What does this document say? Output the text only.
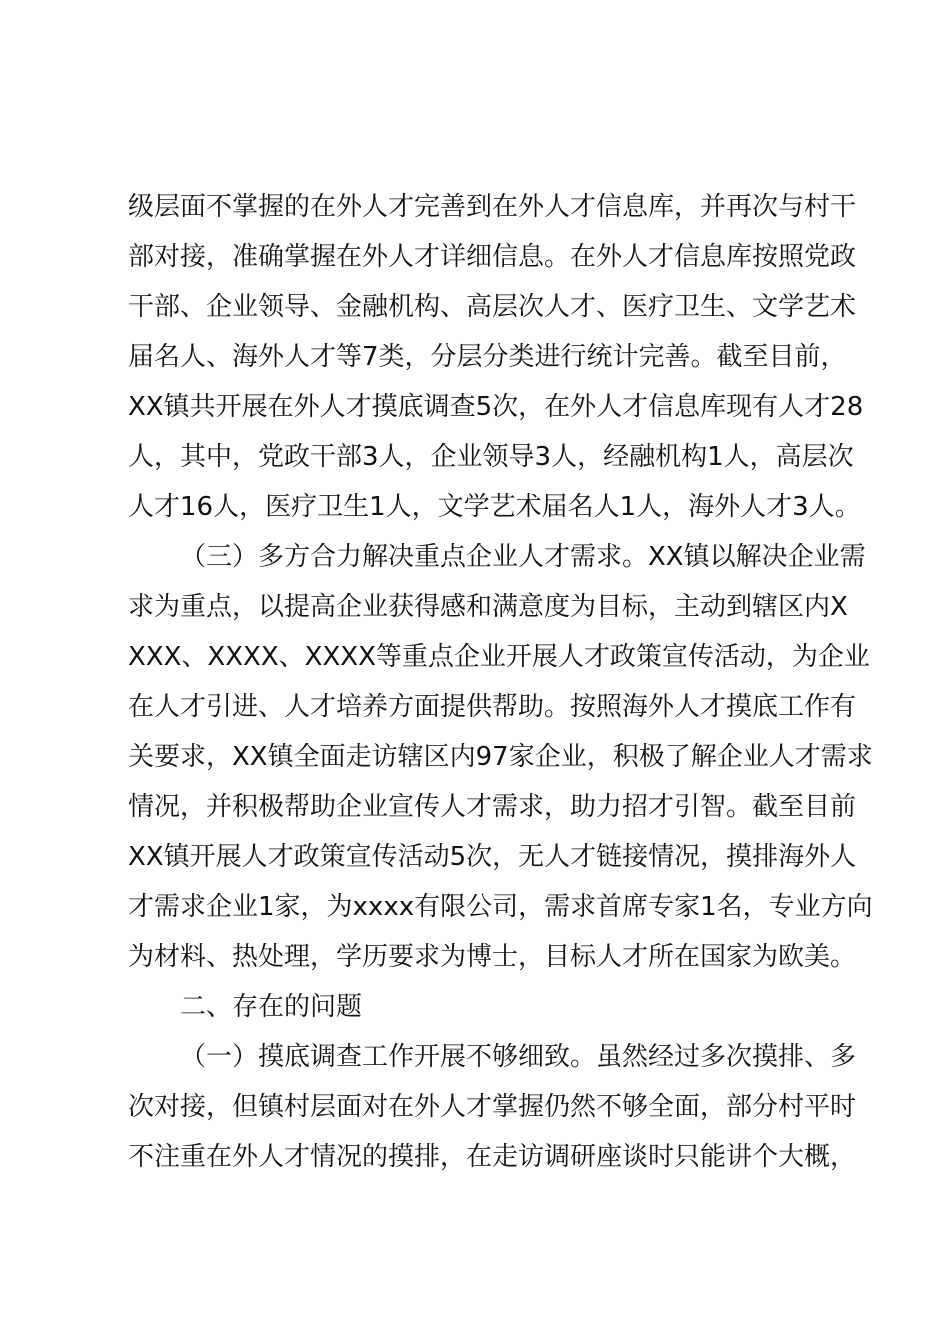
级层面不掌握的在外人才完善到在外人才信息库，并再次与村干
部对接，准确掌握在外人才详细信息。在外人才信息库按照党政
干部、企业领导、金融机构、高层次人才、医疗卫生、文学艺术
届名人、海外人才等7类，分层分类进行统计完善。截至目前，
XX镇共开展在外人才摸底调查5次，在外人才信息库现有人才28
人，其中，党政干部3人，企业领导3人，经融机构1人，高层次
人才16人，医疗卫生1人，文学艺术届名人1人，海外人才3人。
（三）多方合力解决重点企业人才需求。XX镇以解决企业需
求为重点，以提高企业获得感和满意度为目标，主动到辖区内X
XXX、XXXX、XXXX等重点企业开展人才政策宣传活动，为企业
在人才引进、人才培养方面提供帮助。按照海外人才摸底工作有
关要求，XX镇全面走访辖区内97家企业，积极了解企业人才需求
情况，并积极帮助企业宣传人才需求，助力招才引智。截至目前
XX镇开展人才政策宣传活动5次，无人才链接情况，摸排海外人
才需求企业1家，为xxxx有限公司，需求首席专家1名，专业方向
为材料、热处理，学历要求为博士，目标人才所在国家为欧美。
二、存在的问题
（一）摸底调查工作开展不够细致。虽然经过多次摸排、多
次对接，但镇村层面对在外人才掌握仍然不够全面，部分村平时
不注重在外人才情况的摸排，在走访调研座谈时只能讲个大概，
